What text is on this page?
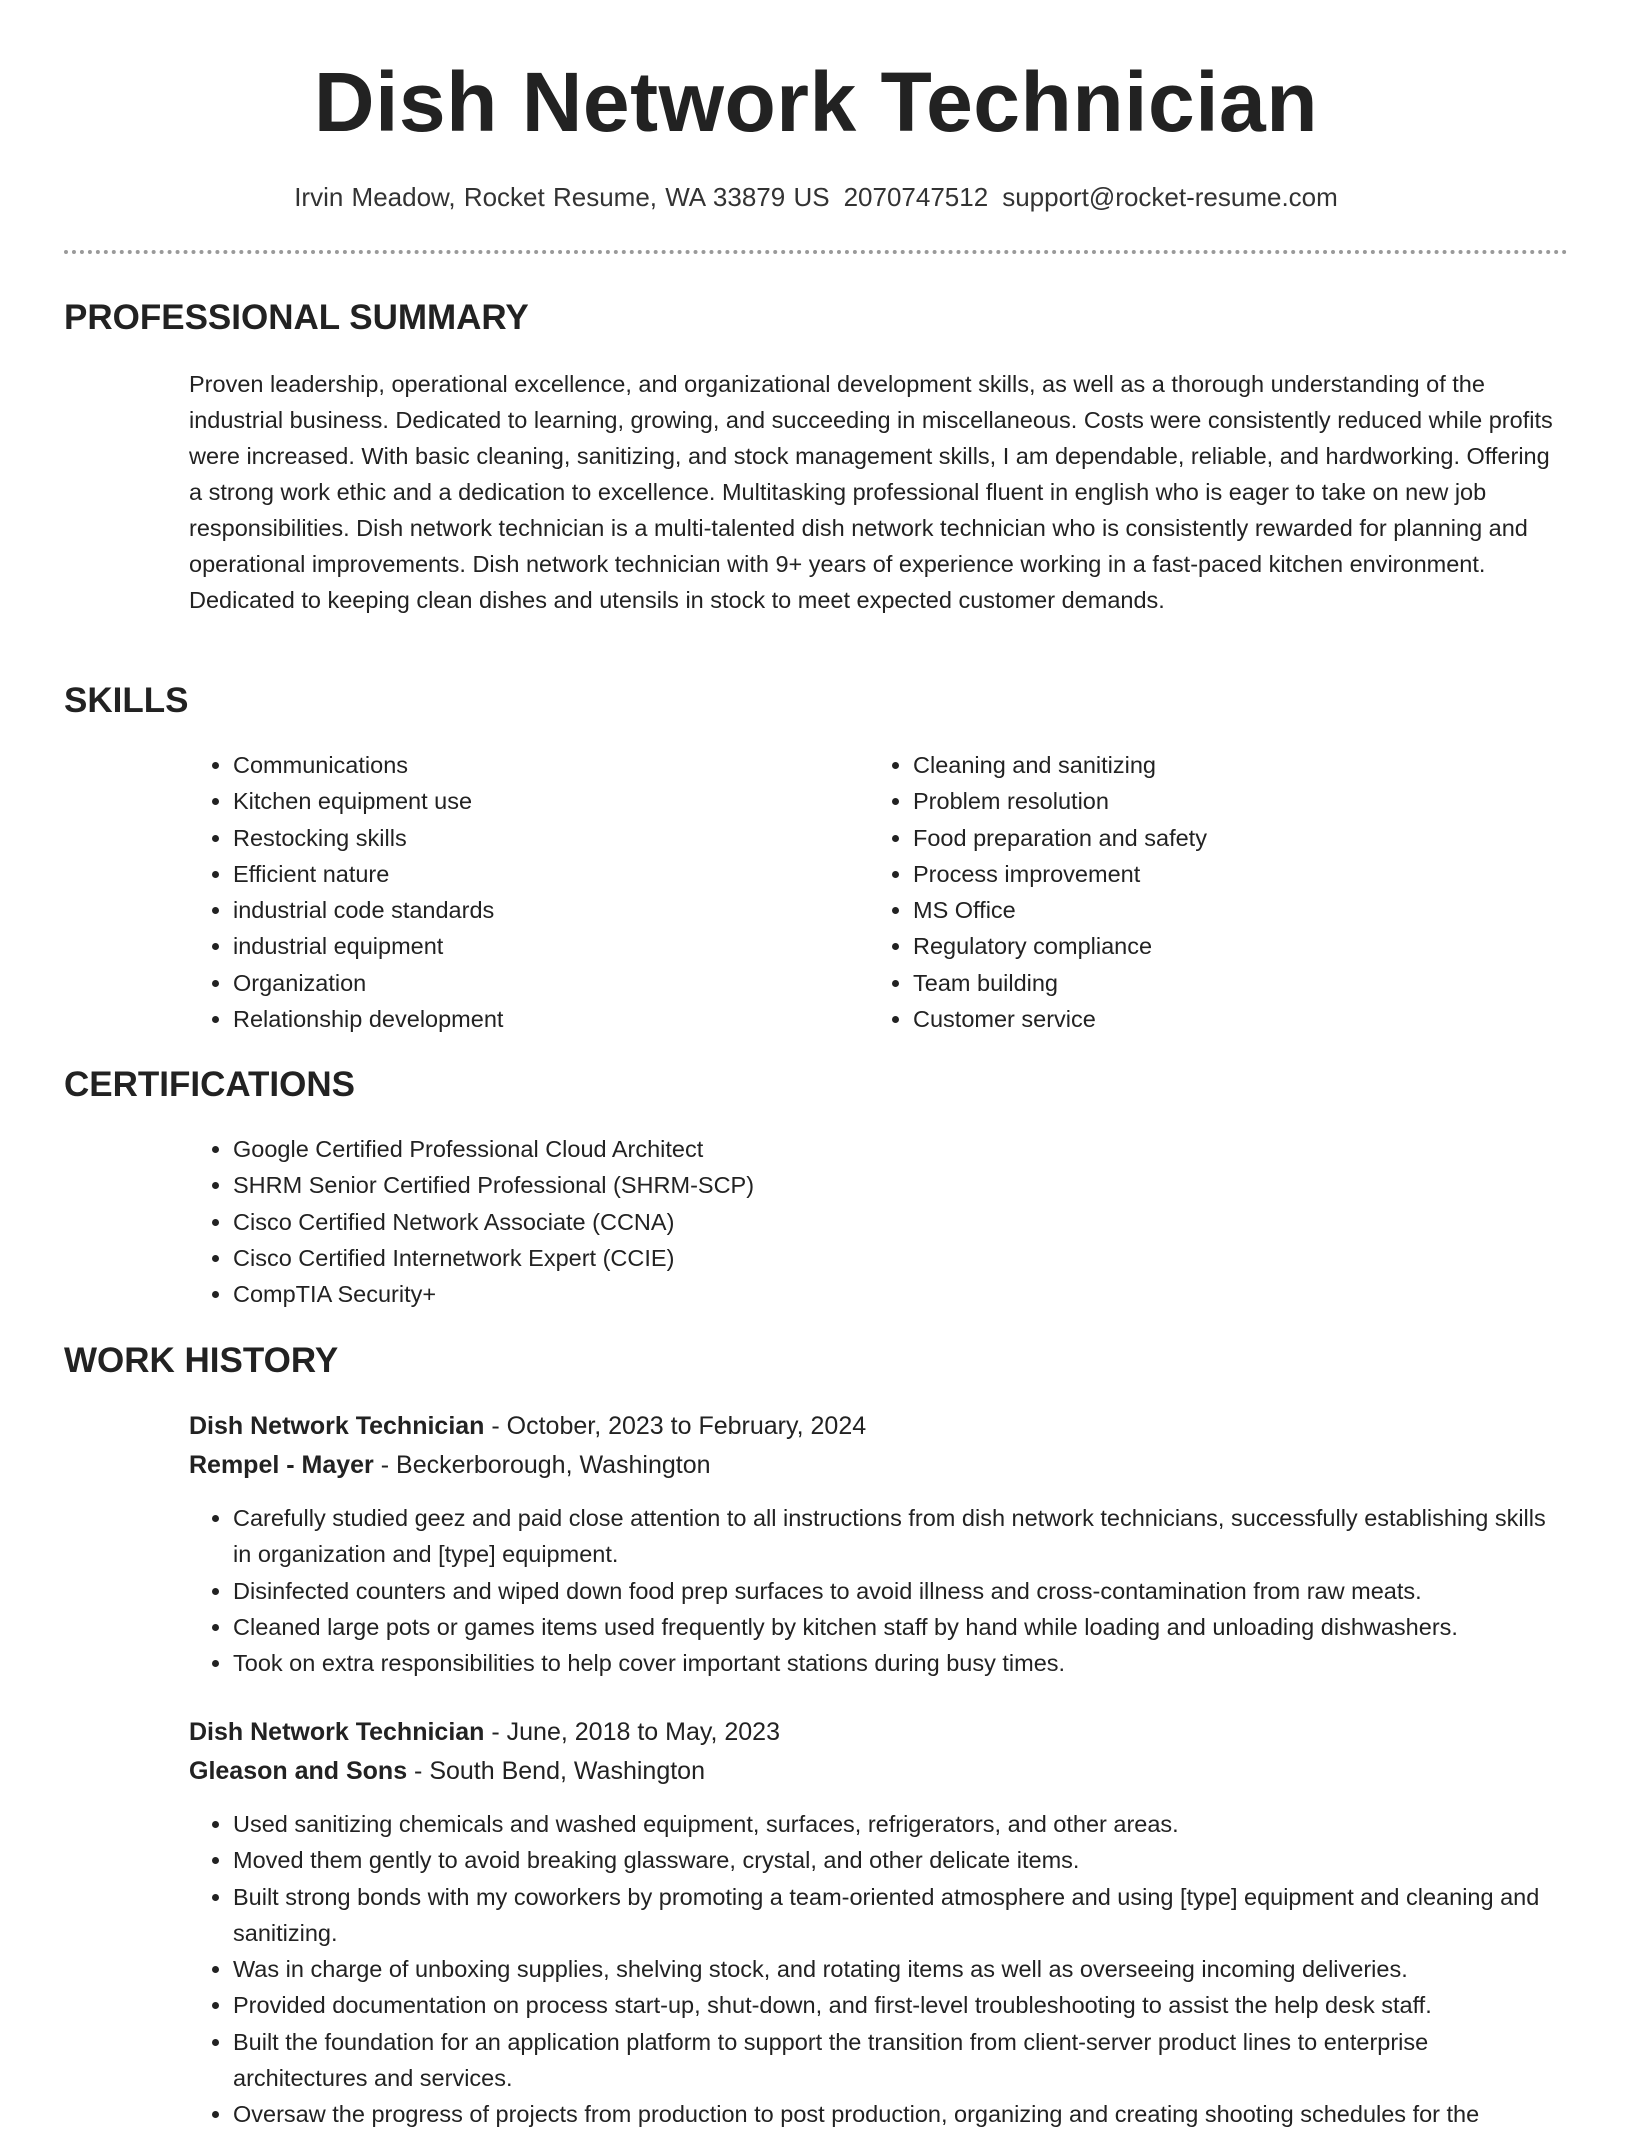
Dish Network Technician
Irvin Meadow, Rocket Resume, WA 33879 US 2070747512 support@rocket-resume.com
PROFESSIONAL SUMMARY

Proven leadership, operational excellence, and organizational development skills, as well as a thorough understanding of the industrial business. Dedicated to learning, growing, and succeeding in miscellaneous. Costs were consistently reduced while profits were increased. With basic cleaning, sanitizing, and stock management skills, I am dependable, reliable, and hardworking. Offering a strong work ethic and a dedication to excellence. Multitasking professional fluent in english who is eager to take on new job responsibilities. Dish network technician is a multi-talented dish network technician who is consistently rewarded for planning and operational improvements. Dish network technician with 9+ years of experience working in a fast-paced kitchen environment. Dedicated to keeping clean dishes and utensils in stock to meet expected customer demands.

SKILLS
• Communications
• Kitchen equipment use
• Restocking skills
• Efficient nature
• industrial code standards
• industrial equipment
• Organization
• Relationship development
• Cleaning and sanitizing
• Problem resolution
• Food preparation and safety
• Process improvement
• MS Office
• Regulatory compliance
• Team building
• Customer service
CERTIFICATIONS
• Google Certified Professional Cloud Architect
• SHRM Senior Certified Professional (SHRM-SCP)
• Cisco Certified Network Associate (CCNA)
• Cisco Certified Internetwork Expert (CCIE)
• CompTIA Security+
WORK HISTORY
Dish Network Technician - October, 2023 to February, 2024
Rempel - Mayer - Beckerborough, Washington
• Carefully studied geez and paid close attention to all instructions from dish network technicians, successfully establishing skills in organization and [type] equipment.
• Disinfected counters and wiped down food prep surfaces to avoid illness and cross-contamination from raw meats.
• Cleaned large pots or games items used frequently by kitchen staff by hand while loading and unloading dishwashers.
• Took on extra responsibilities to help cover important stations during busy times.
Dish Network Technician - June, 2018 to May, 2023
Gleason and Sons - South Bend, Washington
• Used sanitizing chemicals and washed equipment, surfaces, refrigerators, and other areas.
• Moved them gently to avoid breaking glassware, crystal, and other delicate items.
• Built strong bonds with my coworkers by promoting a team-oriented atmosphere and using [type] equipment and cleaning and sanitizing.
• Was in charge of unboxing supplies, shelving stock, and rotating items as well as overseeing incoming deliveries.
• Provided documentation on process start-up, shut-down, and first-level troubleshooting to assist the help desk staff.
• Built the foundation for an application platform to support the transition from client-server product lines to enterprise architectures and services.
• Oversaw the progress of projects from production to post production, organizing and creating shooting schedules for the
